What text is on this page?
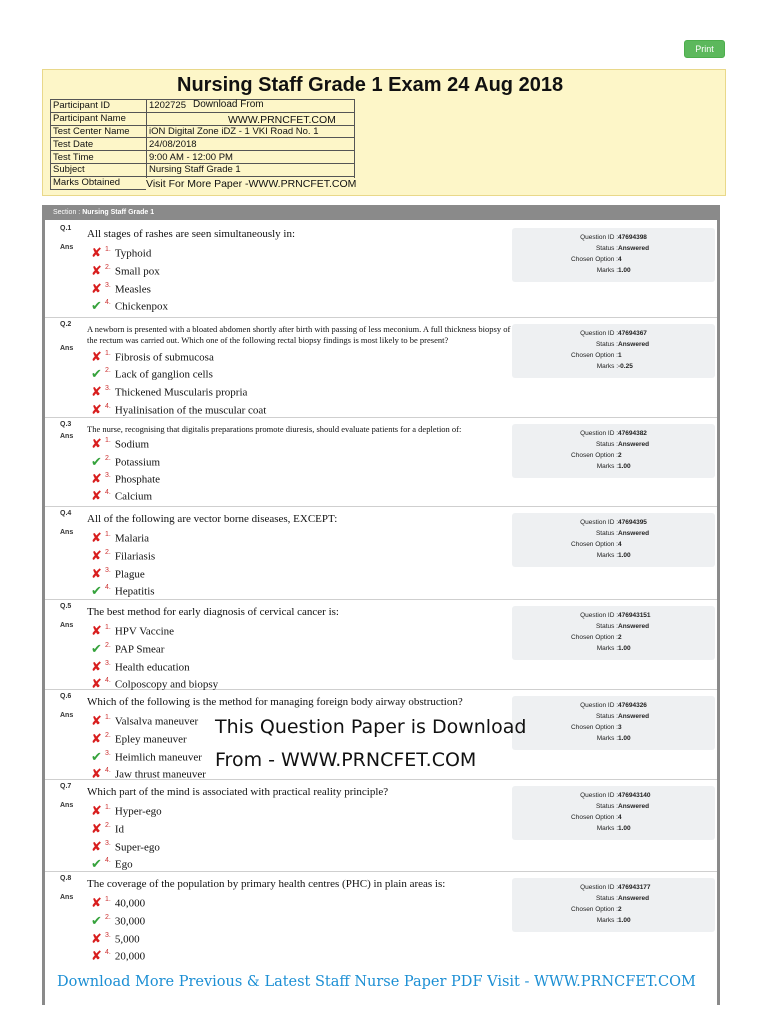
Print
Nursing Staff Grade 1 Exam 24 Aug 2018
Participant ID	1202725
Participant Name	
Test Center Name	iON Digital Zone iDZ - 1 VKI Road No. 1
Test Date	24/08/2018
Test Time	9:00 AM - 12:00 PM
Subject	Nursing Staff Grade 1
Marks Obtained	
Download From
WWW.PRNCFET.COM
Visit For More Paper -WWW.PRNCFET.COM
Section : Nursing Staff Grade 1
Q.1 All stages of rashes are seen simultaneously in:
Ans ✘ $^{1.}$ Typhoid
✘ $^{2.}$ Small pox
✘ $^{3.}$ Measles
✔ $^{4.}$ Chickenpox
Question ID : 47694398
Status : Answered
Chosen Option : 4
Marks : 1.00
Q.2 A newborn is presented with a bloated abdomen shortly after birth with passing of less meconium. A full thickness biopsy of the rectum was carried out. Which one of the following rectal biopsy findings is most likely to be present?
Ans
✘ $^{1.}$ Fibrosis of submucosa
✔ $^{2.}$ Lack of ganglion cells
✘ $^{3.}$ Thickened Muscularis propria
✘ $^{4.}$ Hyalinisation of the muscular coat
Question ID : 47694367
Status : Answered
Chosen Option : 1
Marks : -0.25
Q.3 The nurse, recognising that digitalis preparations promote diuresis, should evaluate patients for a depletion of:
Ans
✘ $^{1.}$ Sodium
✔ $^{2.}$ Potassium
✘ $^{3.}$ Phosphate
✘ $^{4.}$ Calcium
Question ID : 47694382
Status : Answered
Chosen Option : 2
Marks : 1.00
Q.4 All of the following are vector borne diseases, EXCEPT:
Ans ✘ $^{1.}$ Malaria
✘ $^{2.}$ Filariasis
✘ $^{3.}$ Plague
✔ $^{4.}$ Hepatitis
Question ID : 47694395
Status : Answered
Chosen Option : 4
Marks : 1.00
Q.5 The best method for early diagnosis of cervical cancer is:
Ans ✘ $^{1.}$ HPV Vaccine
✔ $^{2.}$ PAP Smear
✘ $^{3.}$ Health education
✘ $^{4.}$ Colposcopy and biopsy
Question ID : 476943151
Status : Answered
Chosen Option : 2
Marks : 1.00
Q.6 Which of the following is the method for managing foreign body airway obstruction?
Ans ✘ $^{1.}$ Valsalva maneuver
✘ $^{2.}$ Epley maneuver
✔ $^{3.}$ Heimlich maneuver
✘ $^{4.}$ Jaw thrust maneuver
Question ID : 47694326
Status : Answered
Chosen Option : 3
Marks : 1.00
Q.7 Which part of the mind is associated with practical reality principle?
Ans ✘ $^{1.}$ Hyper-ego
✘ $^{2.}$ Id
✘ $^{3.}$ Super-ego
✔ $^{4.}$ Ego
Question ID : 476943140
Status : Answered
Chosen Option : 4
Marks : 1.00
Q.8 The coverage of the population by primary health centres (PHC) in plain areas is:
Ans ✘ $^{1.}$ 40,000
✔ $^{2.}$ 30,000
✘ $^{3.}$ 5,000
✘ $^{4.}$ 20,000
Question ID : 476943177
Status : Answered
Chosen Option : 2
Marks : 1.00
This Question Paper is Download
From - WWW.PRNCFET.COM
Download More Previous & Latest Staff Nurse Paper PDF Visit - WWW.PRNCFET.COM
